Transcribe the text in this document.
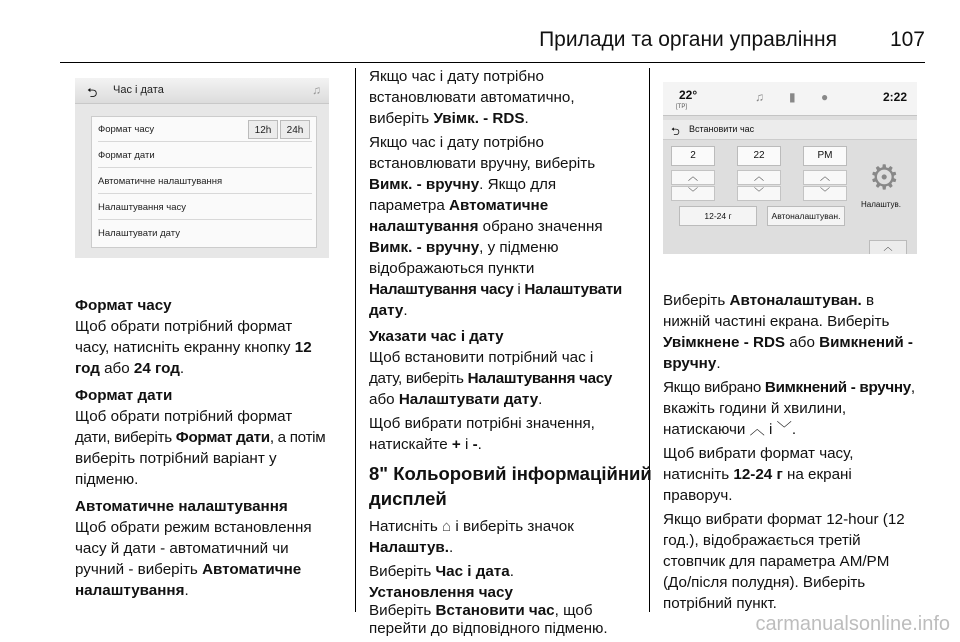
Прилади та органи управління	107
⮌ Час і дата	♫
Формат часу	12h	24h
Формат дати
Автоматичне налаштування
Налаштування часу
Налаштувати дату
Формат часу
Щоб обрати потрібний формат
часу, натисніть екранну кнопку 12
год або 24 год.
Формат дати
Щоб обрати потрібний формат
дати, виберіть Формат дати, а потім
виберіть потрібний варіант у
підменю.
Автоматичне налаштування
Щоб обрати режим встановлення
часу й дати - автоматичний чи
ручний - виберіть Автоматичне
налаштування.
Якщо час і дату потрібно
встановлювати автоматично,
виберіть Увімк. - RDS.
Якщо час і дату потрібно
встановлювати вручну, виберіть
Вимк. - вручну. Якщо для
параметра Автоматичне
налаштування обрано значення
Вимк. - вручну, у підменю
відображаються пункти
Налаштування часу і Налаштувати
дату.
Указати час і дату
Щоб встановити потрібний час і
дату, виберіть Налаштування часу
або Налаштувати дату.
Щоб вибрати потрібні значення,
натискайте + і -.
8" Кольоровий інформаційний
дисплей
Натисніть ⌂ і виберіть значок
Налаштув..
22°
[TP]
♫ ▮ ●	2:22
⮌ Встановити час
2	22	PM
︿
﹀
︿
﹀
︿
﹀	⚙
Налаштув.
12-24 г	Автоналаштуван.
︿
Виберіть Час і дата.
Виберіть Автоналаштуван. в
нижній частині екрана. Виберіть
Увімкнене - RDS або Вимкнений -
вручну.
Якщо вибрано Вимкнений - вручну,
вкажіть години й хвилини,
натискаючи ︿ і ﹀.
Щоб вибрати формат часу,
натисніть 12-24 г на екрані
праворуч.
Якщо вибрати формат 12-hour (12
год.), відображається третій
стовпчик для параметра AM/PM
(До/після полудня). Виберіть
потрібний пункт.
carmanualsonline.info
Установлення часу
Виберіть Встановити час, щоб
перейти до відповідного підменю.
